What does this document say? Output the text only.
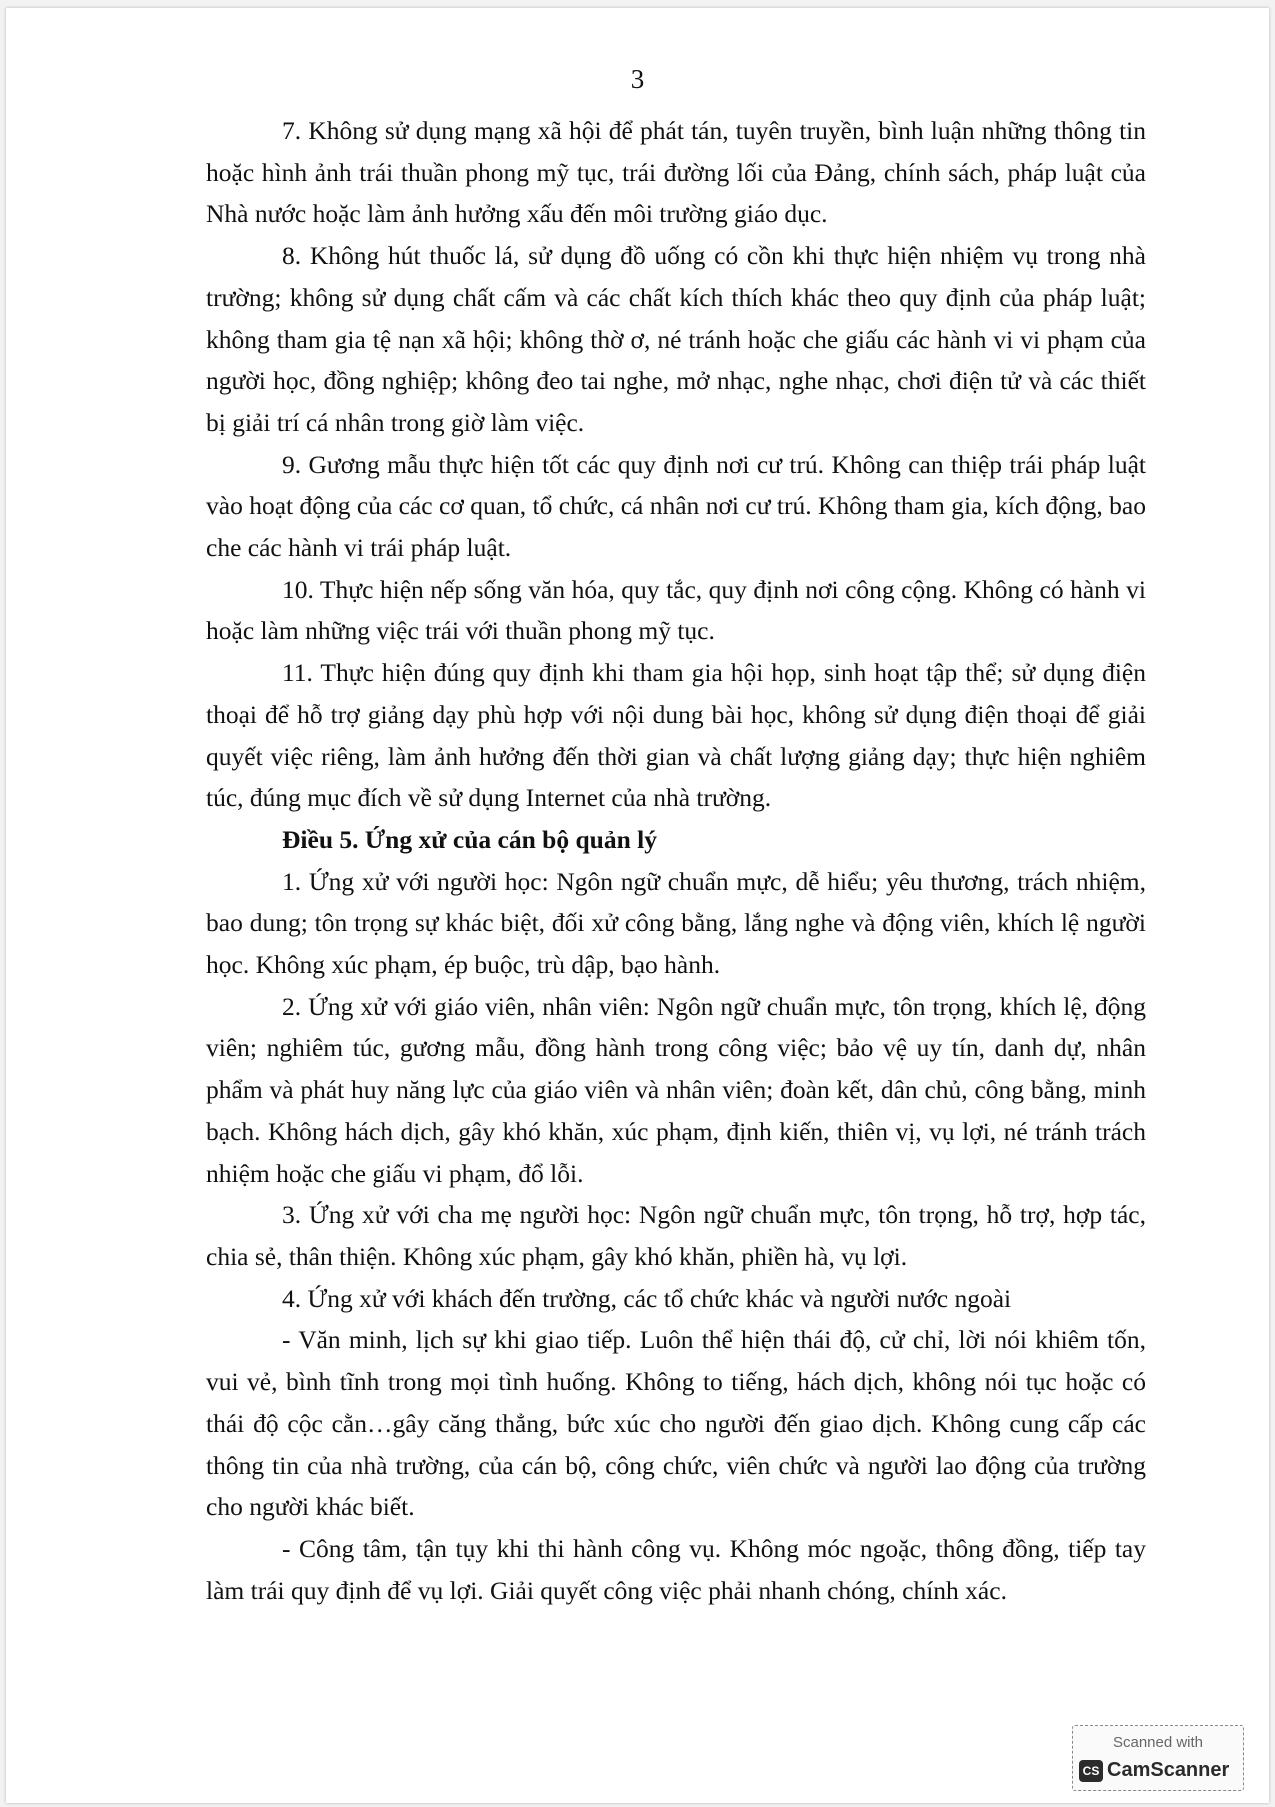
3

7. Không sử dụng mạng xã hội để phát tán, tuyên truyền, bình luận những thông tin hoặc hình ảnh trái thuần phong mỹ tục, trái đường lối của Đảng, chính sách, pháp luật của Nhà nước hoặc làm ảnh hưởng xấu đến môi trường giáo dục.

8. Không hút thuốc lá, sử dụng đồ uống có cồn khi thực hiện nhiệm vụ trong nhà trường; không sử dụng chất cấm và các chất kích thích khác theo quy định của pháp luật; không tham gia tệ nạn xã hội; không thờ ơ, né tránh hoặc che giấu các hành vi vi phạm của người học, đồng nghiệp; không đeo tai nghe, mở nhạc, nghe nhạc, chơi điện tử và các thiết bị giải trí cá nhân trong giờ làm việc.

9. Gương mẫu thực hiện tốt các quy định nơi cư trú. Không can thiệp trái pháp luật vào hoạt động của các cơ quan, tổ chức, cá nhân nơi cư trú. Không tham gia, kích động, bao che các hành vi trái pháp luật.

10. Thực hiện nếp sống văn hóa, quy tắc, quy định nơi công cộng. Không có hành vi hoặc làm những việc trái với thuần phong mỹ tục.

11. Thực hiện đúng quy định khi tham gia hội họp, sinh hoạt tập thể; sử dụng điện thoại để hỗ trợ giảng dạy phù hợp với nội dung bài học, không sử dụng điện thoại để giải quyết việc riêng, làm ảnh hưởng đến thời gian và chất lượng giảng dạy; thực hiện nghiêm túc, đúng mục đích về sử dụng Internet của nhà trường.

Điều 5. Ứng xử của cán bộ quản lý

1. Ứng xử với người học: Ngôn ngữ chuẩn mực, dễ hiểu; yêu thương, trách nhiệm, bao dung; tôn trọng sự khác biệt, đối xử công bằng, lắng nghe và động viên, khích lệ người học. Không xúc phạm, ép buộc, trù dập, bạo hành.

2. Ứng xử với giáo viên, nhân viên: Ngôn ngữ chuẩn mực, tôn trọng, khích lệ, động viên; nghiêm túc, gương mẫu, đồng hành trong công việc; bảo vệ uy tín, danh dự, nhân phẩm và phát huy năng lực của giáo viên và nhân viên; đoàn kết, dân chủ, công bằng, minh bạch. Không hách dịch, gây khó khăn, xúc phạm, định kiến, thiên vị, vụ lợi, né tránh trách nhiệm hoặc che giấu vi phạm, đổ lỗi.

3. Ứng xử với cha mẹ người học: Ngôn ngữ chuẩn mực, tôn trọng, hỗ trợ, hợp tác, chia sẻ, thân thiện. Không xúc phạm, gây khó khăn, phiền hà, vụ lợi.

4. Ứng xử với khách đến trường, các tổ chức khác và người nước ngoài

- Văn minh, lịch sự khi giao tiếp. Luôn thể hiện thái độ, cử chỉ, lời nói khiêm tốn, vui vẻ, bình tĩnh trong mọi tình huống. Không to tiếng, hách dịch, không nói tục hoặc có thái độ cộc cằn…gây căng thẳng, bức xúc cho người đến giao dịch. Không cung cấp các thông tin của nhà trường, của cán bộ, công chức, viên chức và người lao động của trường cho người khác biết.

- Công tâm, tận tụy khi thi hành công vụ. Không móc ngoặc, thông đồng, tiếp tay làm trái quy định để vụ lợi. Giải quyết công việc phải nhanh chóng, chính xác.

Scanned with
CS CamScanner
